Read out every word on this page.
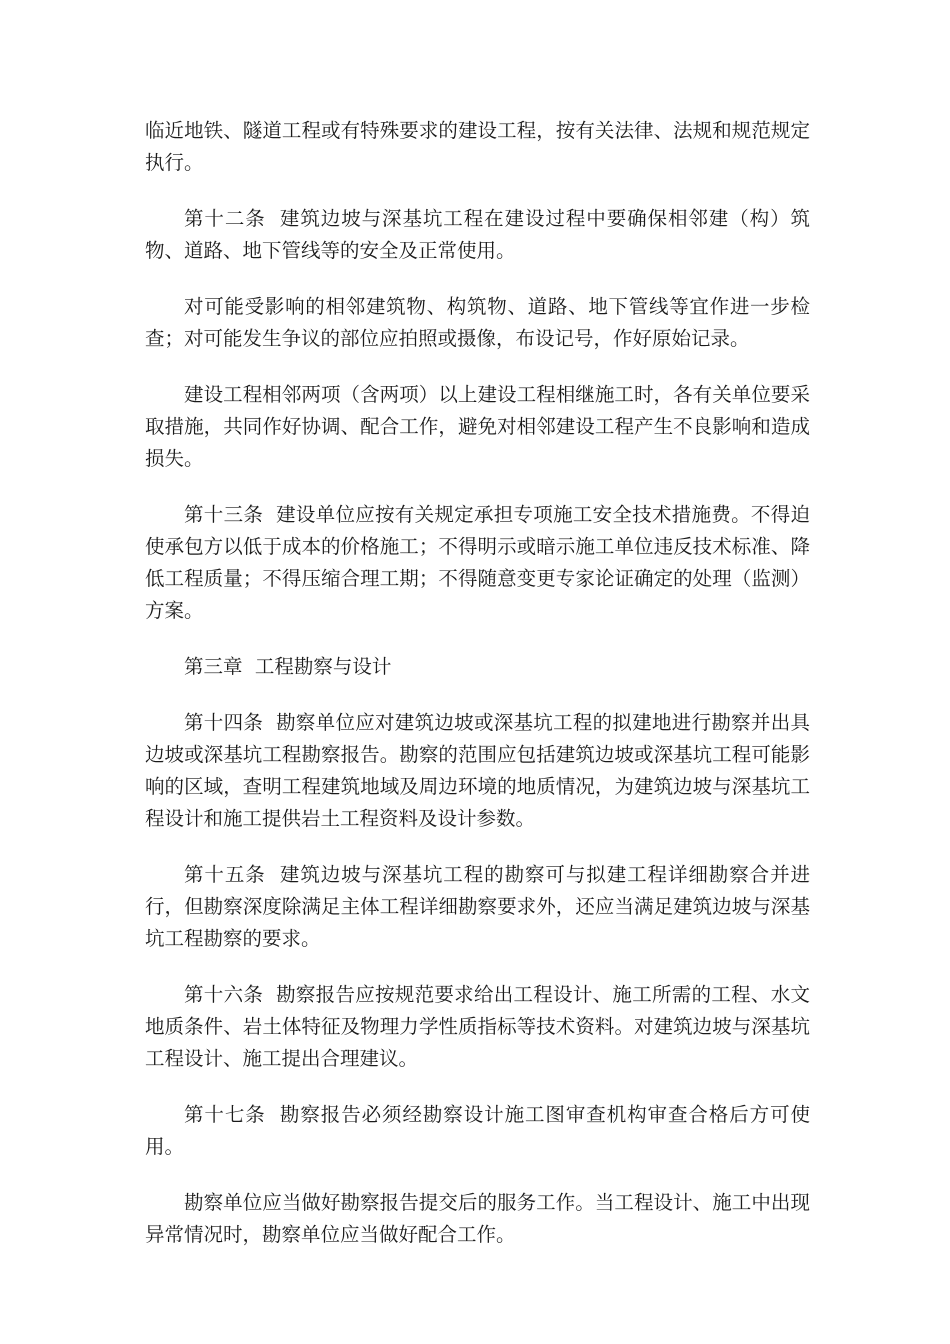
临近地铁、隧道工程或有特殊要求的建设工程，按有关法律、法规和规范规定执行。

第十二条  建筑边坡与深基坑工程在建设过程中要确保相邻建（构）筑物、道路、地下管线等的安全及正常使用。

对可能受影响的相邻建筑物、构筑物、道路、地下管线等宜作进一步检查；对可能发生争议的部位应拍照或摄像，布设记号，作好原始记录。

建设工程相邻两项（含两项）以上建设工程相继施工时，各有关单位要采取措施，共同作好协调、配合工作，避免对相邻建设工程产生不良影响和造成损失。

第十三条  建设单位应按有关规定承担专项施工安全技术措施费。不得迫使承包方以低于成本的价格施工；不得明示或暗示施工单位违反技术标准、降低工程质量；不得压缩合理工期；不得随意变更专家论证确定的处理（监测）方案。

第三章  工程勘察与设计

第十四条  勘察单位应对建筑边坡或深基坑工程的拟建地进行勘察并出具边坡或深基坑工程勘察报告。勘察的范围应包括建筑边坡或深基坑工程可能影响的区域，查明工程建筑地域及周边环境的地质情况，为建筑边坡与深基坑工程设计和施工提供岩土工程资料及设计参数。

第十五条  建筑边坡与深基坑工程的勘察可与拟建工程详细勘察合并进行，但勘察深度除满足主体工程详细勘察要求外，还应当满足建筑边坡与深基坑工程勘察的要求。

第十六条  勘察报告应按规范要求给出工程设计、施工所需的工程、水文地质条件、岩土体特征及物理力学性质指标等技术资料。对建筑边坡与深基坑工程设计、施工提出合理建议。

第十七条  勘察报告必须经勘察设计施工图审查机构审查合格后方可使用。

勘察单位应当做好勘察报告提交后的服务工作。当工程设计、施工中出现异常情况时，勘察单位应当做好配合工作。
